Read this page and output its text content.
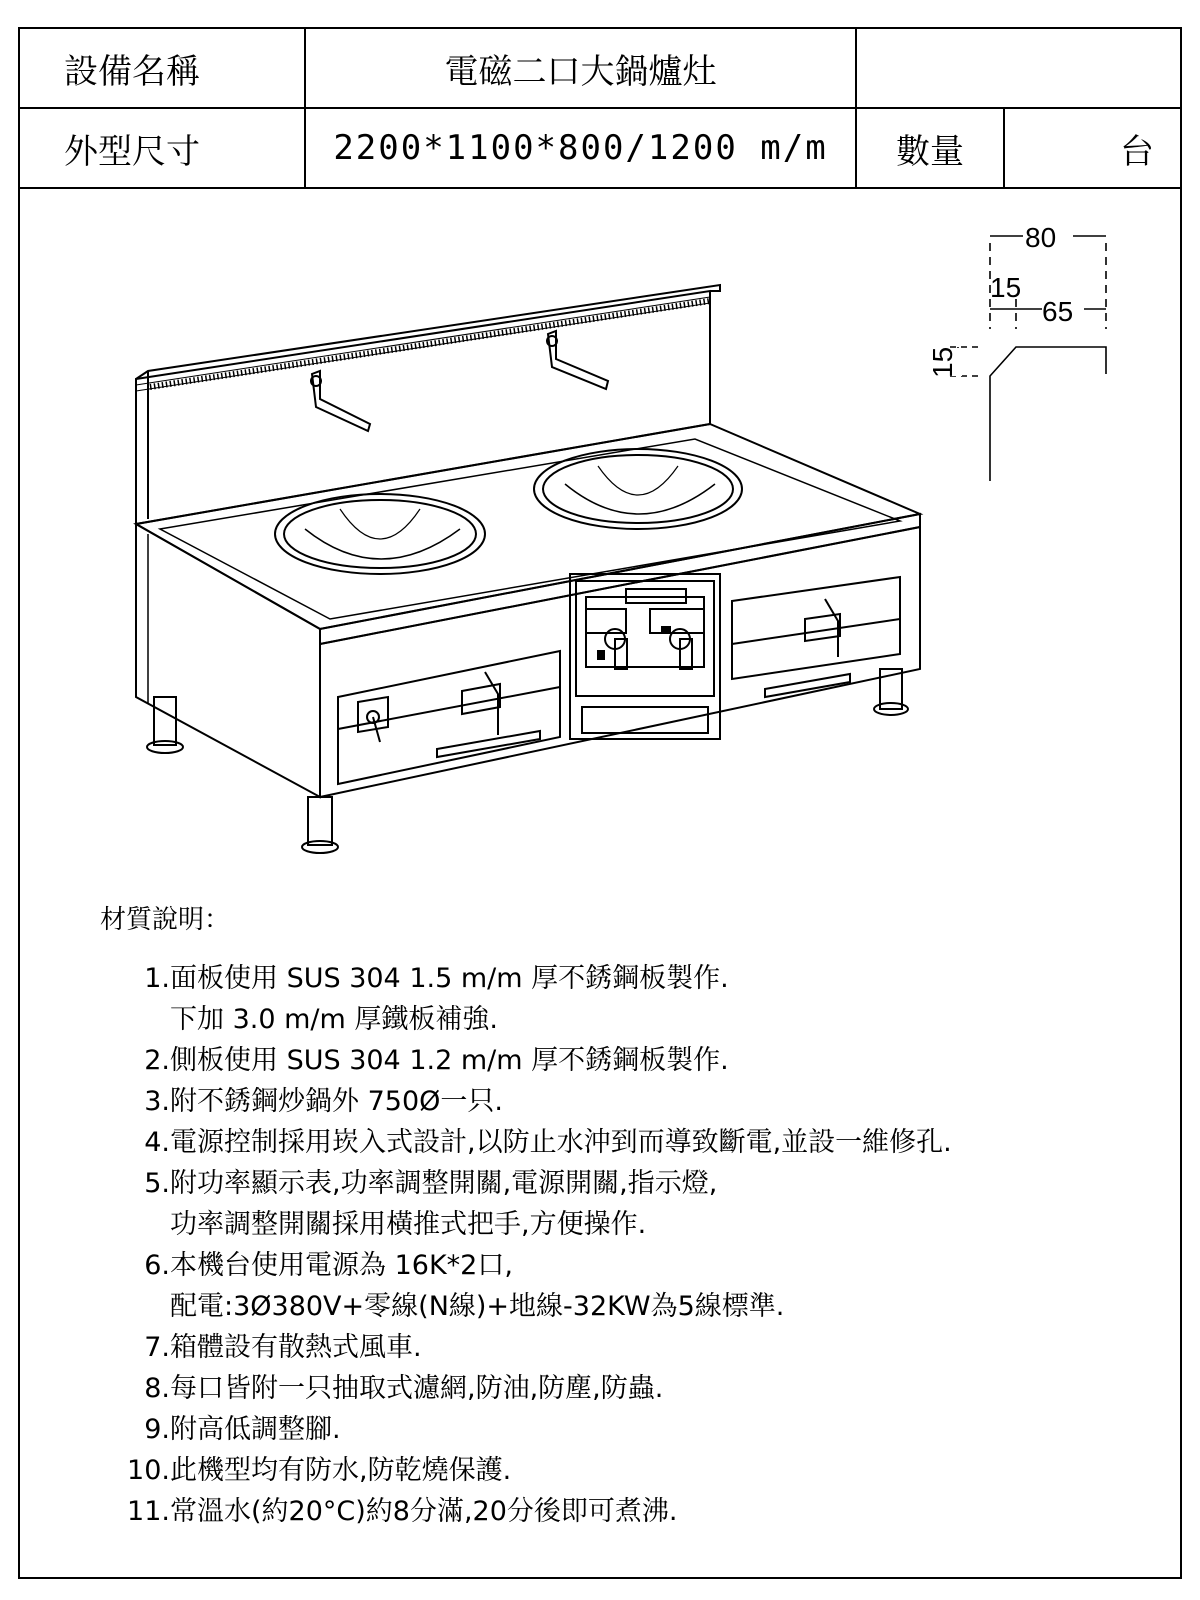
設備名稱	電磁二口大鍋爐灶		
外型尺寸	2200*1100*800/1200 m/m	數量	台
80
15
65
15
材質說明：
1.面板使用 SUS 304 1.5 m/m 厚不銹鋼板製作.
下加 3.0 m/m 厚鐵板補強.
2.側板使用 SUS 304 1.2 m/m 厚不銹鋼板製作.
3.附不銹鋼炒鍋外 750Ø一只.
4.電源控制採用崁入式設計,以防止水沖到而導致斷電,並設一維修孔.
5.附功率顯示表,功率調整開關,電源開關,指示燈,
功率調整開關採用橫推式把手,方便操作.
6.本機台使用電源為 16K*2口,
配電:3Ø380V+零線(N線)+地線-32KW為5線標準.
7.箱體設有散熱式風車.
8.每口皆附一只抽取式濾網,防油,防塵,防蟲.
9.附高低調整腳.
10.此機型均有防水,防乾燒保護.
11.常溫水(約20°C)約8分滿,20分後即可煮沸.
